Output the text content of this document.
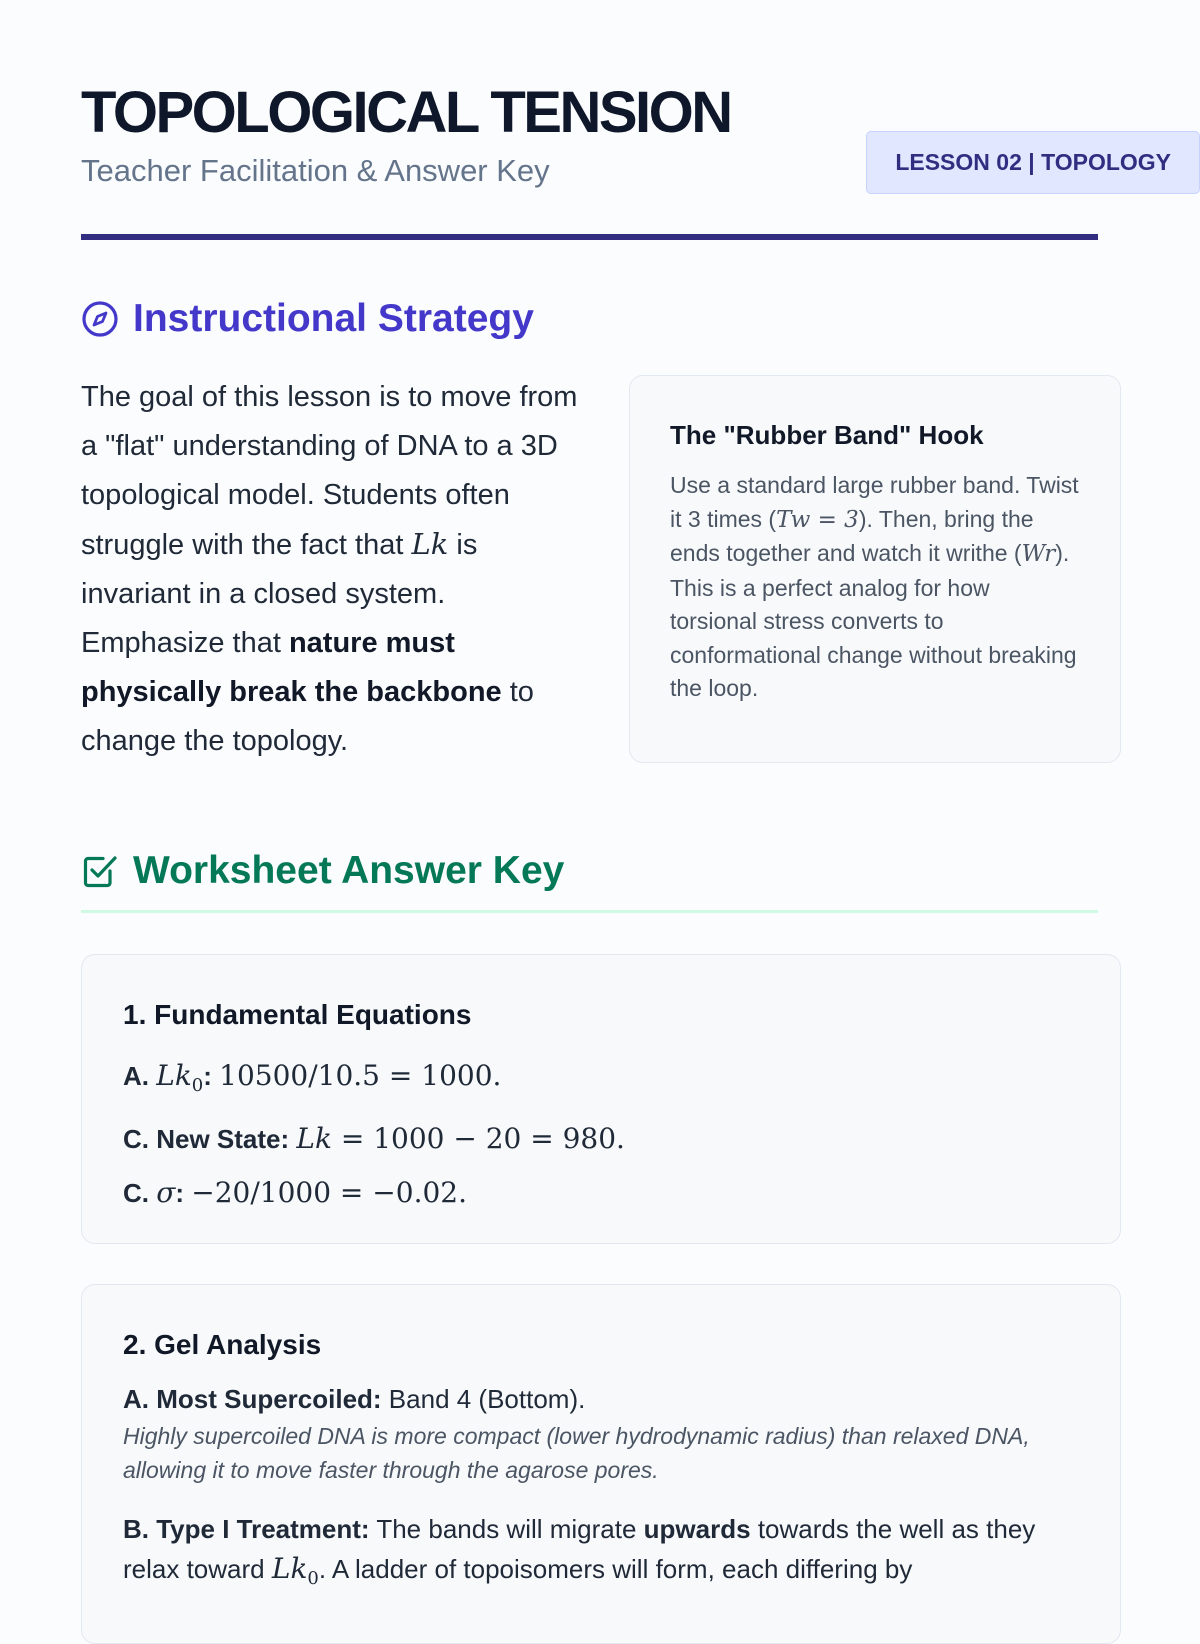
TOPOLOGICAL TENSION
Teacher Facilitation & Answer Key	LESSON 02 | TOPOLOGY
Instructional Strategy

The goal of this lesson is to move from a "flat" understanding of DNA to a 3D topological model. Students often struggle with the fact that Lk is invariant in a closed system. Emphasize that nature must physically break the backbone to change the topology.

The "Rubber Band" Hook

Use a standard large rubber band. Twist it 3 times (Tw = 3). Then, bring the ends together and watch it writhe (Wr). This is a perfect analog for how torsional stress converts to conformational change without breaking the loop.

Worksheet Answer Key
1. Fundamental Equations
A. $Lk_0$: 10500/10.5 = 1000.
C. New State: Lk = 1000 − 20 = 980.
C. σ: −20/1000 = −0.02.
2. Gel Analysis
A. Most Supercoiled: Band 4 (Bottom).
Highly supercoiled DNA is more compact (lower hydrodynamic radius) than relaxed DNA, allowing it to move faster through the agarose pores.
B. Type I Treatment: The bands will migrate upwards towards the well as they relax toward $Lk_0$. A ladder of topoisomers will form, each differing by
